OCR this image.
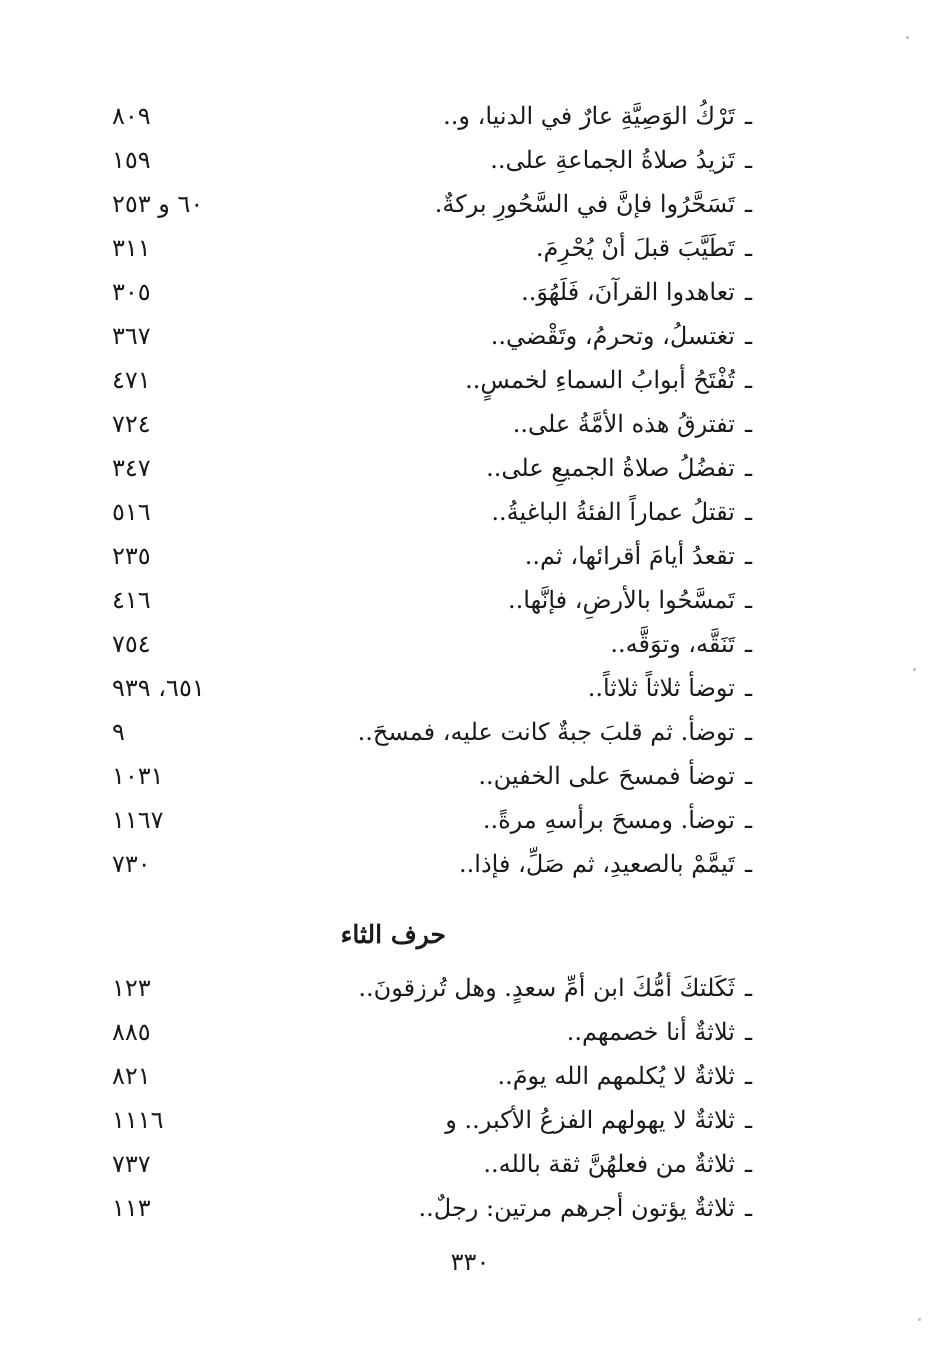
ـ
تَرْكُ الوَصِيَّةِ عارٌ في الدنيا، و..
٨٠٩
ـ
تَزيدُ صلاةُ الجماعةِ على..
١٥٩
ـ
تَسَحَّرُوا فإنَّ في السَّحُورِ بركةٌ.
٦٠ و ٢٥٣
ـ
تَطَيَّبَ قبلَ أنْ يُحْرِمَ.
٣١١
ـ
تعاهدوا القرآنَ، فَلَهُوَ..
٣٠٥
ـ
تغتسلُ، وتحرمُ، وتَقْضي..
٣٦٧
ـ
تُفْتَحُ أبوابُ السماءِ لخمسٍ..
٤٧١
ـ
تفترقُ هذه الأمَّةُ على..
٧٢٤
ـ
تفضُلُ صلاةُ الجميعِ على..
٣٤٧
ـ
تقتلُ عماراً الفئةُ الباغيةُ..
٥١٦
ـ
تقعدُ أيامَ أقرائها، ثم..
٢٣٥
ـ
تَمسَّحُوا بالأرضِ، فإنَّها..
٤١٦
ـ
تَنَقَّه، وتوَقَّه..
٧٥٤
ـ
توضأ ثلاثاً ثلاثاً..
٦٥١، ٩٣٩
ـ
توضأ. ثم قلبَ جبةٌ كانت عليه، فمسحَ..
٩
ـ
توضأ فمسحَ على الخفين..
١٠٣١
ـ
توضأ. ومسحَ برأسهِ مرةً..
١١٦٧
ـ
تَيمَّمْ بالصعيدِ، ثم صَلِّ، فإذا..
٧٣٠
حرف الثاء
ـ
ثَكَلتكَ أمُّكَ ابن أمِّ سعدٍ. وهل تُرزقونَ..
١٢٣
ـ
ثلاثةٌ أنا خصمهم..
٨٨٥
ـ
ثلاثةٌ لا يُكلمهم الله يومَ..
٨٢١
ـ
ثلاثةٌ لا يهولهم الفزعُ الأكبر.. و
١١١٦
ـ
ثلاثةٌ من فعلهُنَّ ثقة بالله..
٧٣٧
ـ
ثلاثةٌ يؤتون أجرهم مرتين: رجلٌ..
١١٣
٣٣٠
